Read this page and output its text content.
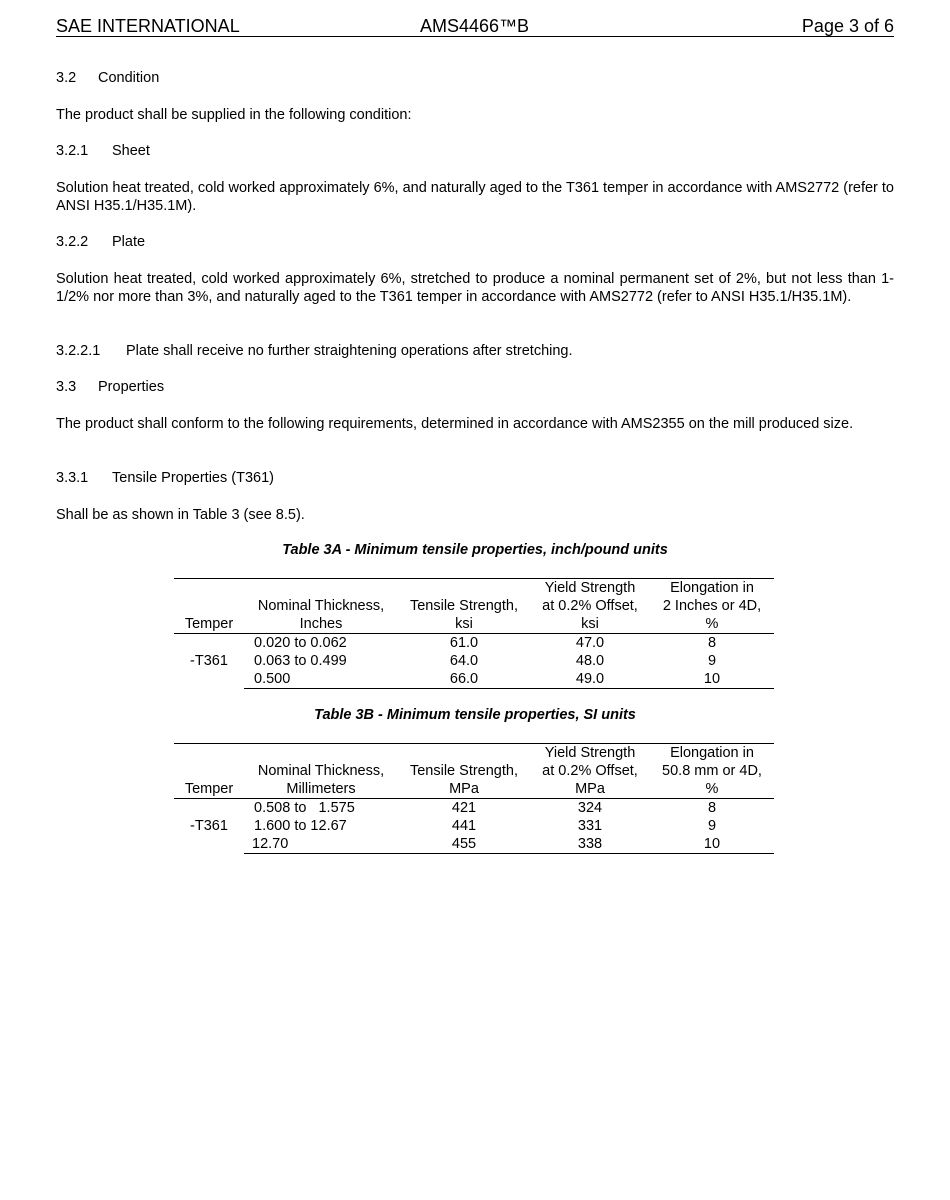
SAE INTERNATIONAL	AMS4466™B	Page 3 of 6

3.2 Condition

The product shall be supplied in the following condition:

3.2.1 Sheet

Solution heat treated, cold worked approximately 6%, and naturally aged to the T361 temper in accordance with AMS2772 (refer to ANSI H35.1/H35.1M).

3.2.2 Plate

Solution heat treated, cold worked approximately 6%, stretched to produce a nominal permanent set of 2%, but not less than 1-1/2% nor more than 3%, and naturally aged to the T361 temper in accordance with AMS2772 (refer to ANSI H35.1/H35.1M).

3.2.2.1 Plate shall receive no further straightening operations after stretching.

3.3 Properties

The product shall conform to the following requirements, determined in accordance with AMS2355 on the mill produced size.

3.3.1 Tensile Properties (T361)

Shall be as shown in Table 3 (see 8.5).

Table 3A - Minimum tensile properties, inch/pound units
			Yield Strength	Elongation in
	Nominal Thickness,	Tensile Strength,	at 0.2% Offset,	2 Inches or 4D,
Temper	Inches	ksi	ksi	%
-T361	0.020 to 0.062	61.0	47.0	8
	0.063 to 0.499	64.0	48.0	9
	0.500	66.0	49.0	10
Table 3B - Minimum tensile properties, SI units
			Yield Strength	Elongation in
	Nominal Thickness,	Tensile Strength,	at 0.2% Offset,	50.8 mm or 4D,
Temper	Millimeters	MPa	MPa	%
-T361	0.508 to   1.575	421	324	8
	1.600 to 12.67	441	331	9
	12.70	455	338	10
